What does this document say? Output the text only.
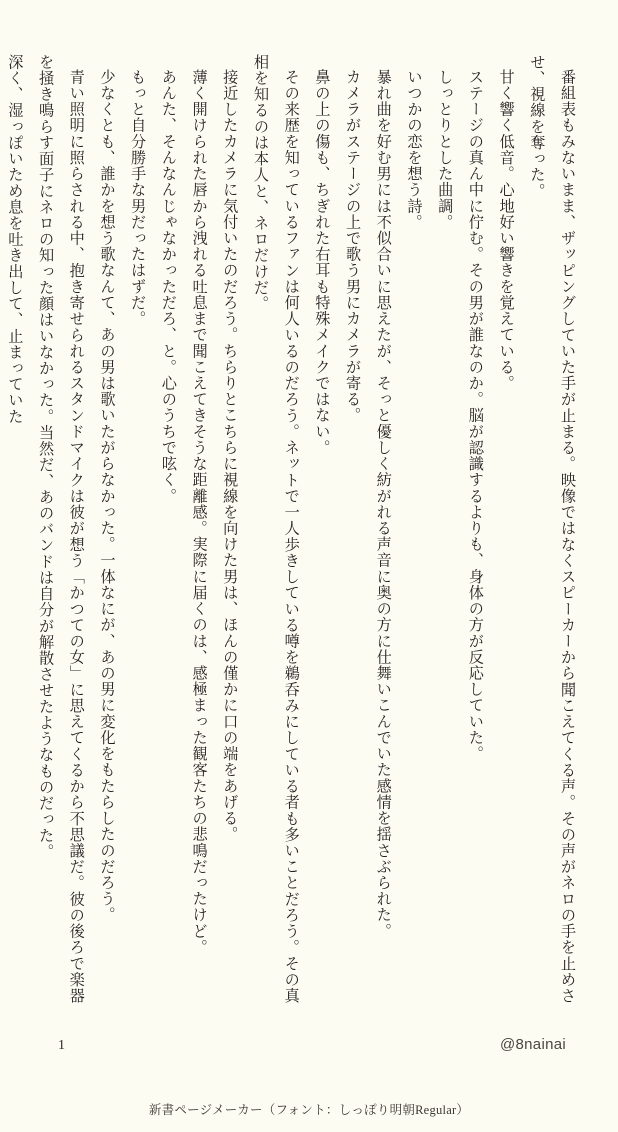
番組表もみないまま、ザッピングしていた手が止まる。映像ではなくスピーカーから聞こえてくる声。その声がネロの手を止めさせ、視線を奪った。

甘く響く低音。心地好い響きを覚えている。

ステージの真ん中に佇む。その男が誰なのか。脳が認識するよりも、身体の方が反応していた。

しっとりとした曲調。

いつかの恋を想う詩。

暴れ曲を好む男には不似合いに思えたが、そっと優しく紡がれる声音に奥の方に仕舞いこんでいた感情を揺さぶられた。

カメラがステージの上で歌う男にカメラが寄る。

鼻の上の傷も、ちぎれた右耳も特殊メイクではない。

その来歴を知っているファンは何人いるのだろう。ネットで一人歩きしている噂を鵜呑みにしている者も多いことだろう。その真相を知るのは本人と、ネロだけだ。

接近したカメラに気付いたのだろう。ちらりとこちらに視線を向けた男は、ほんの僅かに口の端をあげる。

薄く開けられた唇から洩れる吐息まで聞こえてきそうな距離感。実際に届くのは、感極まった観客たちの悲鳴だったけど。

あんた、そんなんじゃなかっただろ、と。心のうちで呟く。

もっと自分勝手な男だったはずだ。

少なくとも、誰かを想う歌なんて、あの男は歌いたがらなかった。一体なにが、あの男に変化をもたらしたのだろう。

青い照明に照らされる中、抱き寄せられるスタンドマイクは彼が想う「かつての女」に思えてくるから不思議だ。彼の後ろで楽器を掻き鳴らす面子にネロの知った顔はいなかった。当然だ、あのバンドは自分が解散させたようなものだった。

深く、湿っぽいため息を吐き出して、止まっていた

1	@8nainai
新書ページメーカー（フォント：しっぽり明朝Regular）
